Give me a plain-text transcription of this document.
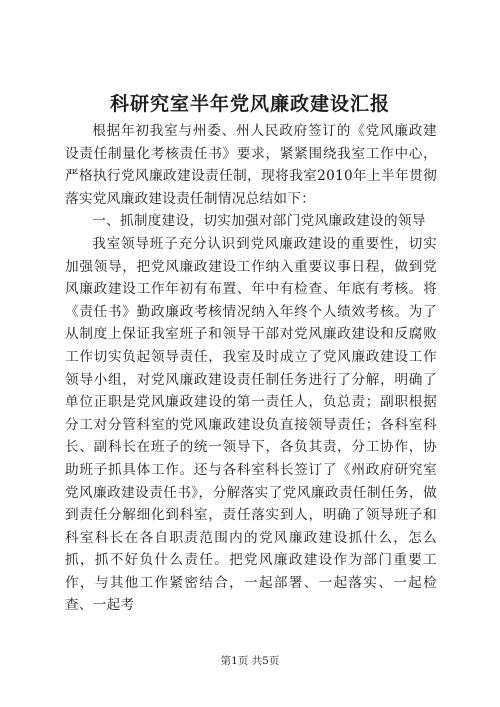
科研究室半年党风廉政建设汇报

根据年初我室与州委、州人民政府签订的《党风廉政建设责任制量化考核责任书》要求，紧紧围绕我室工作中心，严格执行党风廉政建设责任制，现将我室2010年上半年贯彻落实党风廉政建设责任制情况总结如下：

一、抓制度建设，切实加强对部门党风廉政建设的领导

我室领导班子充分认识到党风廉政建设的重要性，切实加强领导，把党风廉政建设工作纳入重要议事日程，做到党风廉政建设工作年初有布置、年中有检查、年底有考核。将《责任书》勤政廉政考核情况纳入年终个人绩效考核。为了从制度上保证我室班子和领导干部对党风廉政建设和反腐败工作切实负起领导责任，我室及时成立了党风廉政建设工作领导小组，对党风廉政建设责任制任务进行了分解，明确了单位正职是党风廉政建设的第一责任人，负总责；副职根据分工对分管科室的党风廉政建设负直接领导责任；各科室科长、副科长在班子的统一领导下，各负其责，分工协作，协助班子抓具体工作。还与各科室科长签订了《州政府研究室党风廉政建设责任书》，分解落实了党风廉政责任制任务，做到责任分解细化到科室，责任落实到人，明确了领导班子和科室科长在各自职责范围内的党风廉政建设抓什么，怎么抓，抓不好负什么责任。把党风廉政建设作为部门重要工作，与其他工作紧密结合，一起部署、一起落实、一起检查、一起考

第1页 共5页
